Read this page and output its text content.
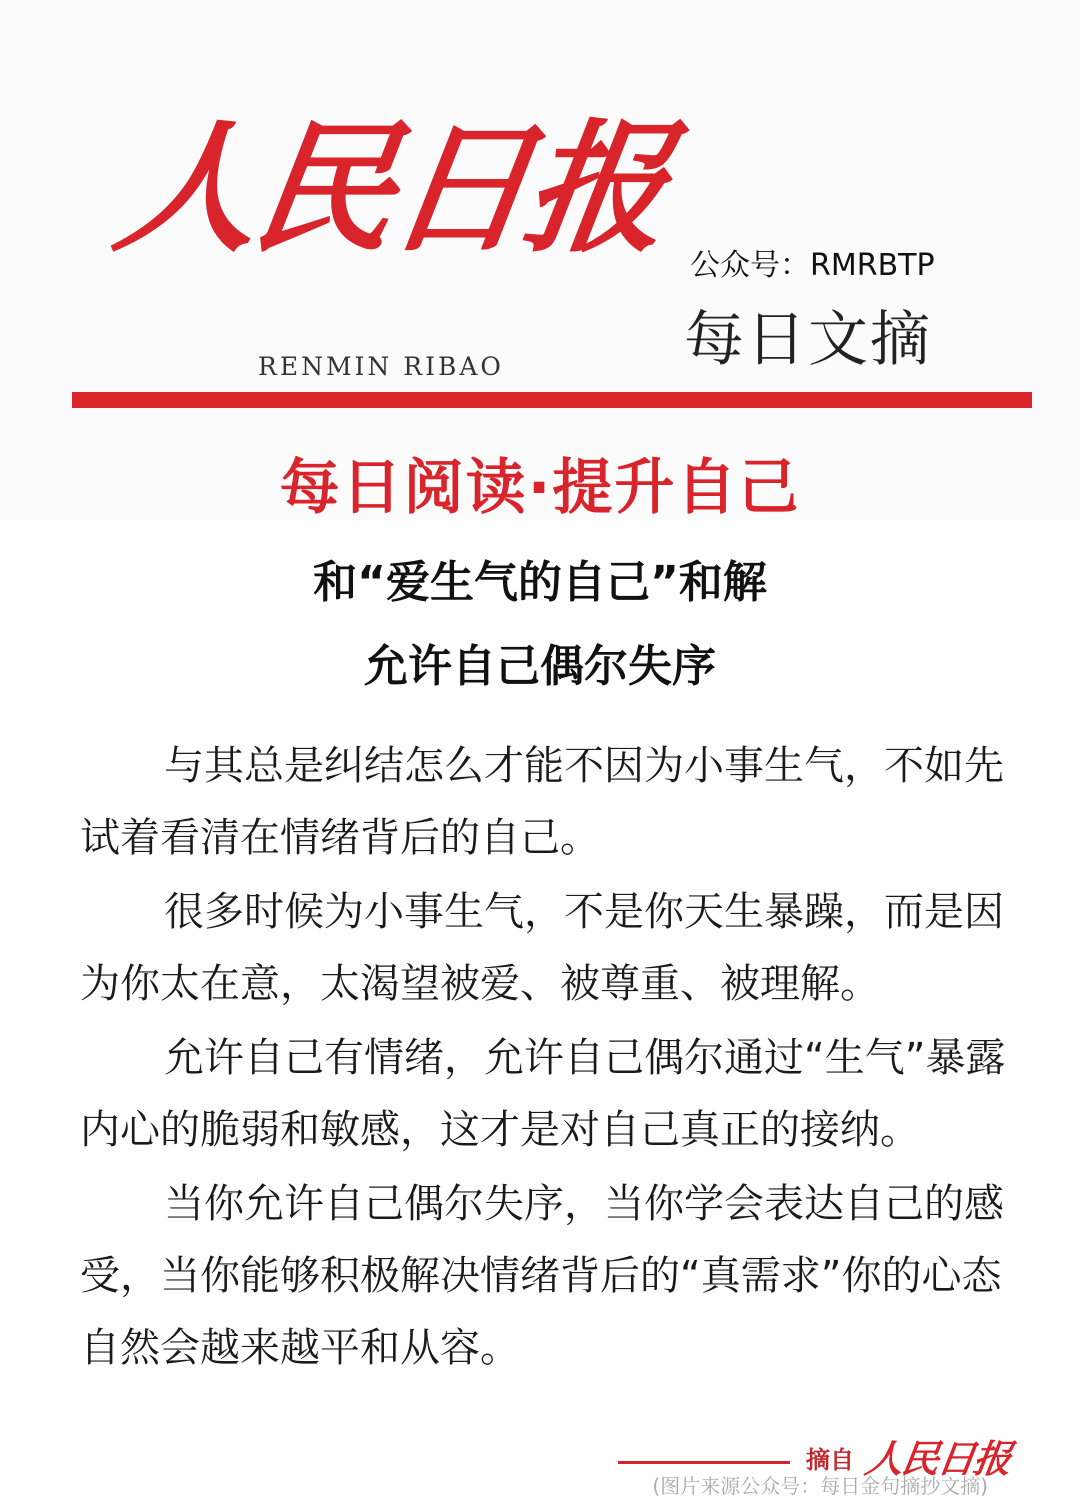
人民日报
RENMIN RIBAO
公众号：RMRBTP
每日文摘
每日阅读·提升自己
和“爱生气的自己”和解
允许自己偶尔失序

与其总是纠结怎么才能不因为小事生气，不如先试着看清在情绪背后的自己。

很多时候为小事生气，不是你天生暴躁，而是因为你太在意，太渴望被爱、被尊重、被理解。

允许自己有情绪，允许自己偶尔通过“生气”暴露内心的脆弱和敏感，这才是对自己真正的接纳。

当你允许自己偶尔失序，当你学会表达自己的感受，当你能够积极解决情绪背后的“真需求”你的心态自然会越来越平和从容。

摘自 人民日报
(图片来源公众号：每日金句摘抄文摘)
